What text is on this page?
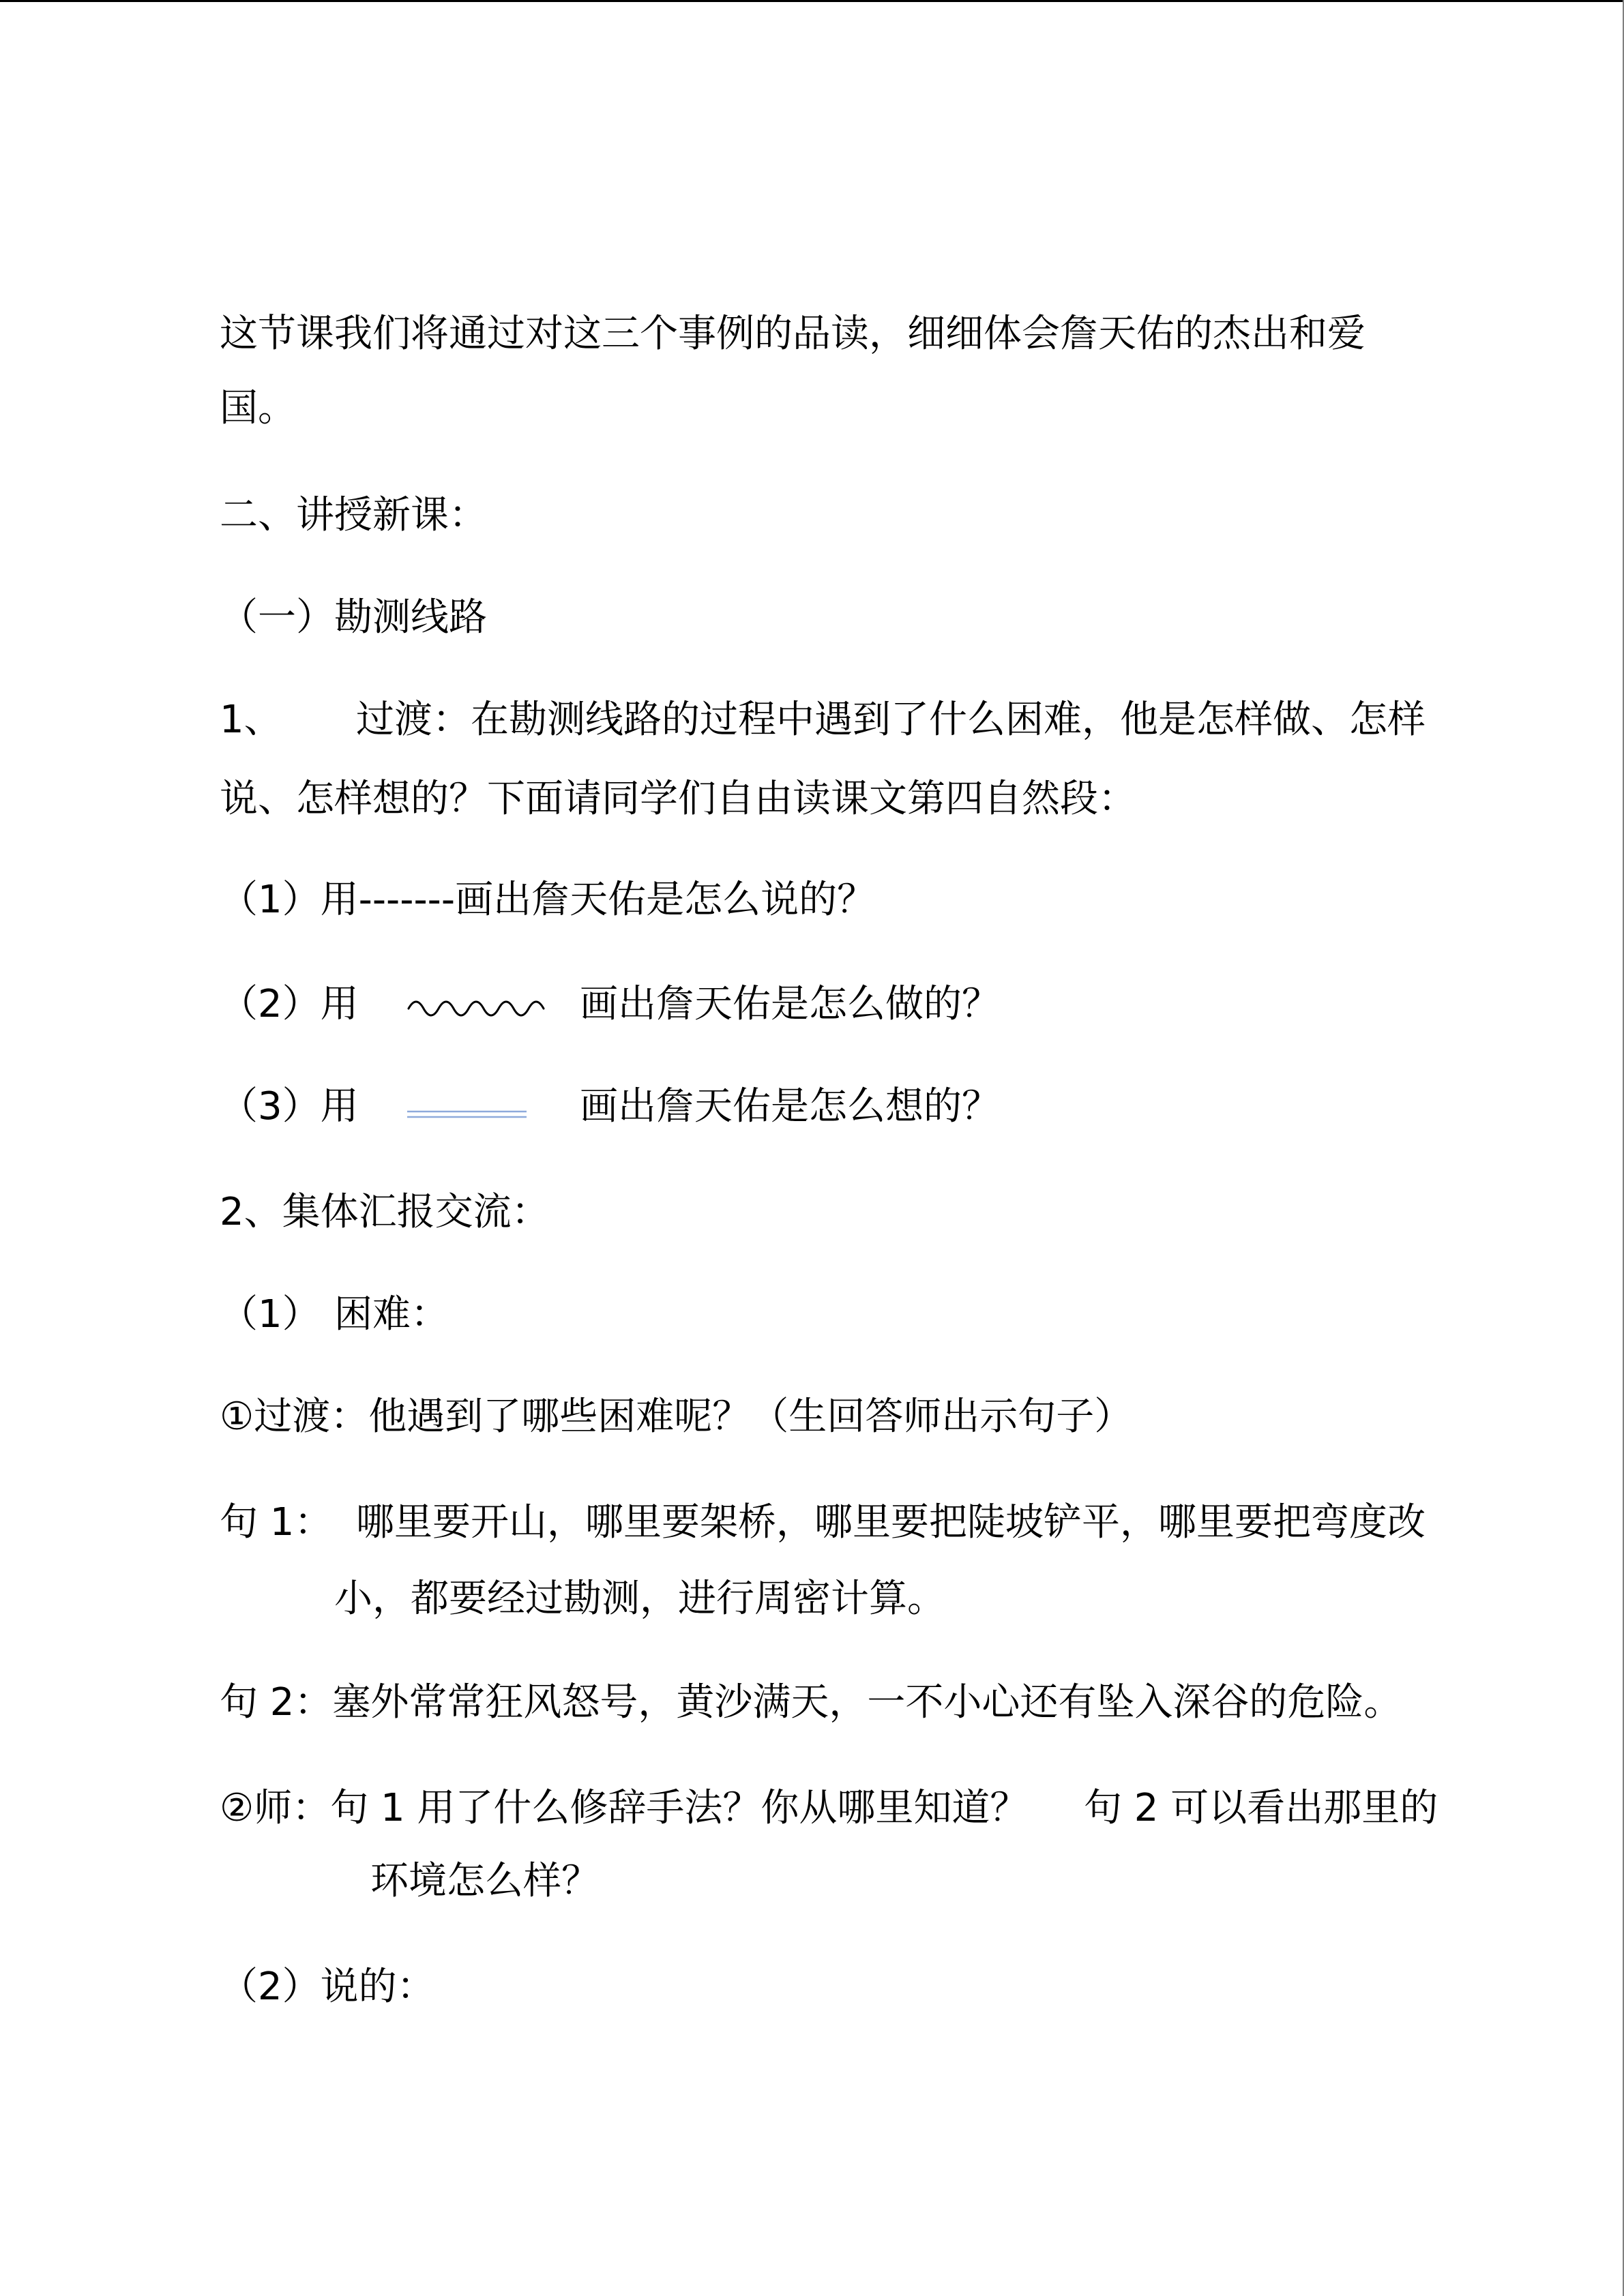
这节课我们将通过对这三个事例的品读，细细体会詹天佑的杰出和爱
国。
二、讲授新课：
（一）勘测线路
1、 过渡：在勘测线路的过程中遇到了什么困难，他是怎样做、怎样
说、怎样想的？下面请同学们自由读课文第四自然段：
（1）用-------画出詹天佑是怎么说的？
（2）用	画出詹天佑是怎么做的？
（3）用	画出詹天佑是怎么想的？
2、集体汇报交流：
（1） 困难：
①过渡：他遇到了哪些困难呢？（生回答师出示句子）
句 1： 哪里要开山，哪里要架桥，哪里要把陡坡铲平，哪里要把弯度改
小，都要经过勘测，进行周密计算。
句 2：塞外常常狂风怒号，黄沙满天，一不小心还有坠入深谷的危险。
②师：句 1 用了什么修辞手法？你从哪里知道？ 句 2 可以看出那里的
环境怎么样？
（2）说的：
